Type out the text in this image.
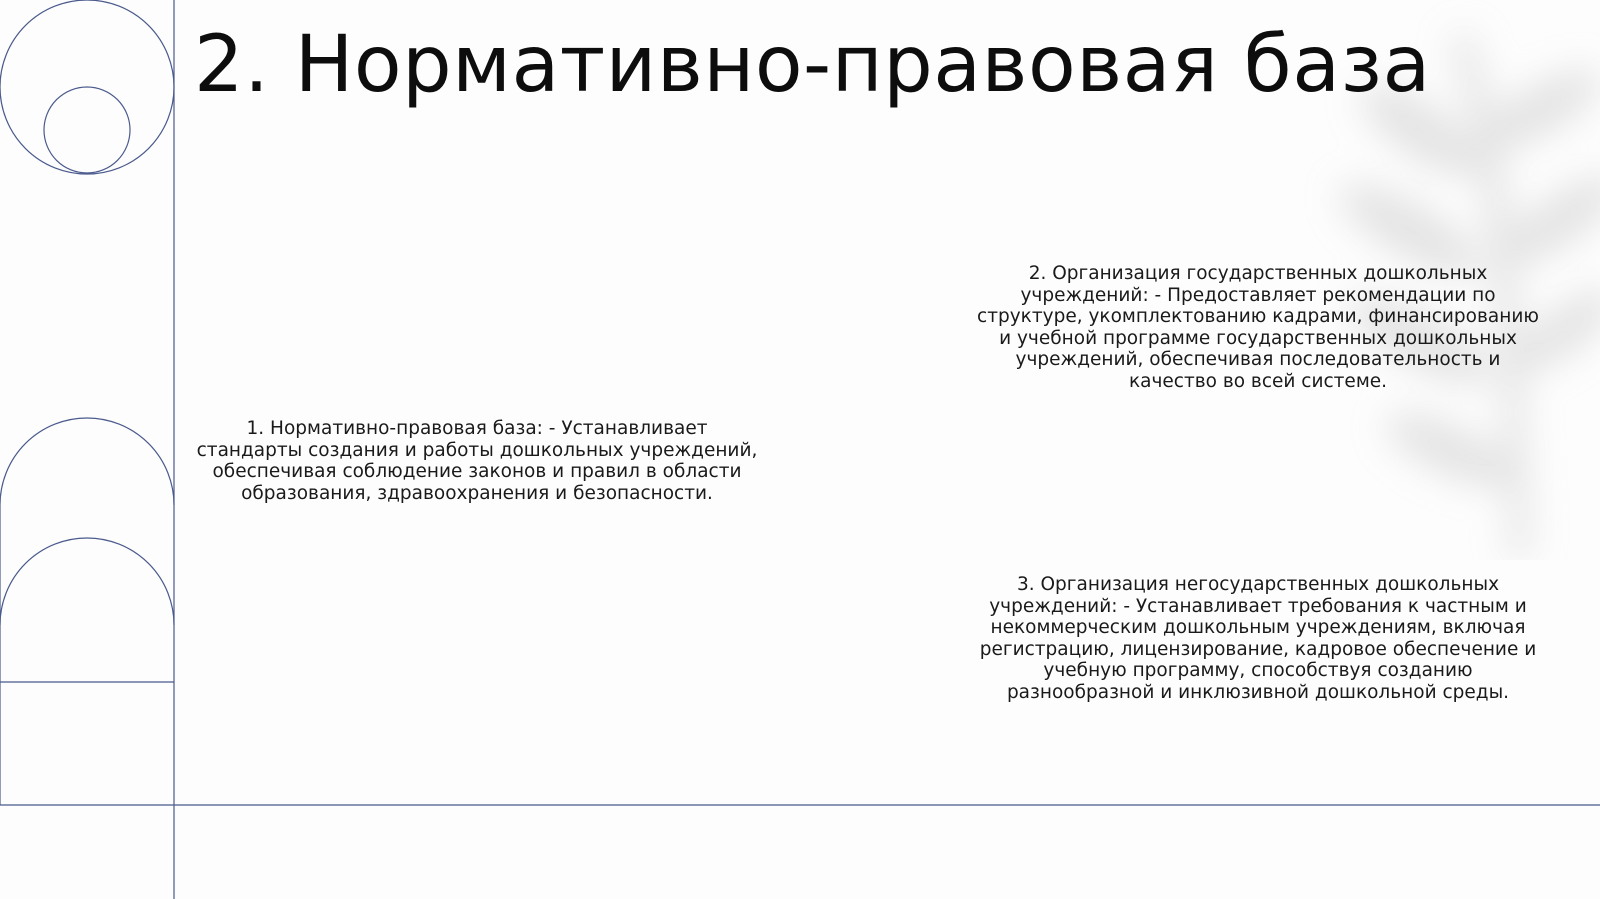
2. Нормативно-правовая база

1. Нормативно-правовая база: - Устанавливает стандарты создания и работы дошкольных учреждений, обеспечивая соблюдение законов и правил в области образования, здравоохранения и безопасности.

2. Организация государственных дошкольных учреждений: - Предоставляет рекомендации по структуре, укомплектованию кадрами, финансированию и учебной программе государственных дошкольных учреждений, обеспечивая последовательность и качество во всей системе.

3. Организация негосударственных дошкольных учреждений: - Устанавливает требования к частным и некоммерческим дошкольным учреждениям, включая регистрацию, лицензирование, кадровое обеспечение и учебную программу, способствуя созданию разнообразной и инклюзивной дошкольной среды.
